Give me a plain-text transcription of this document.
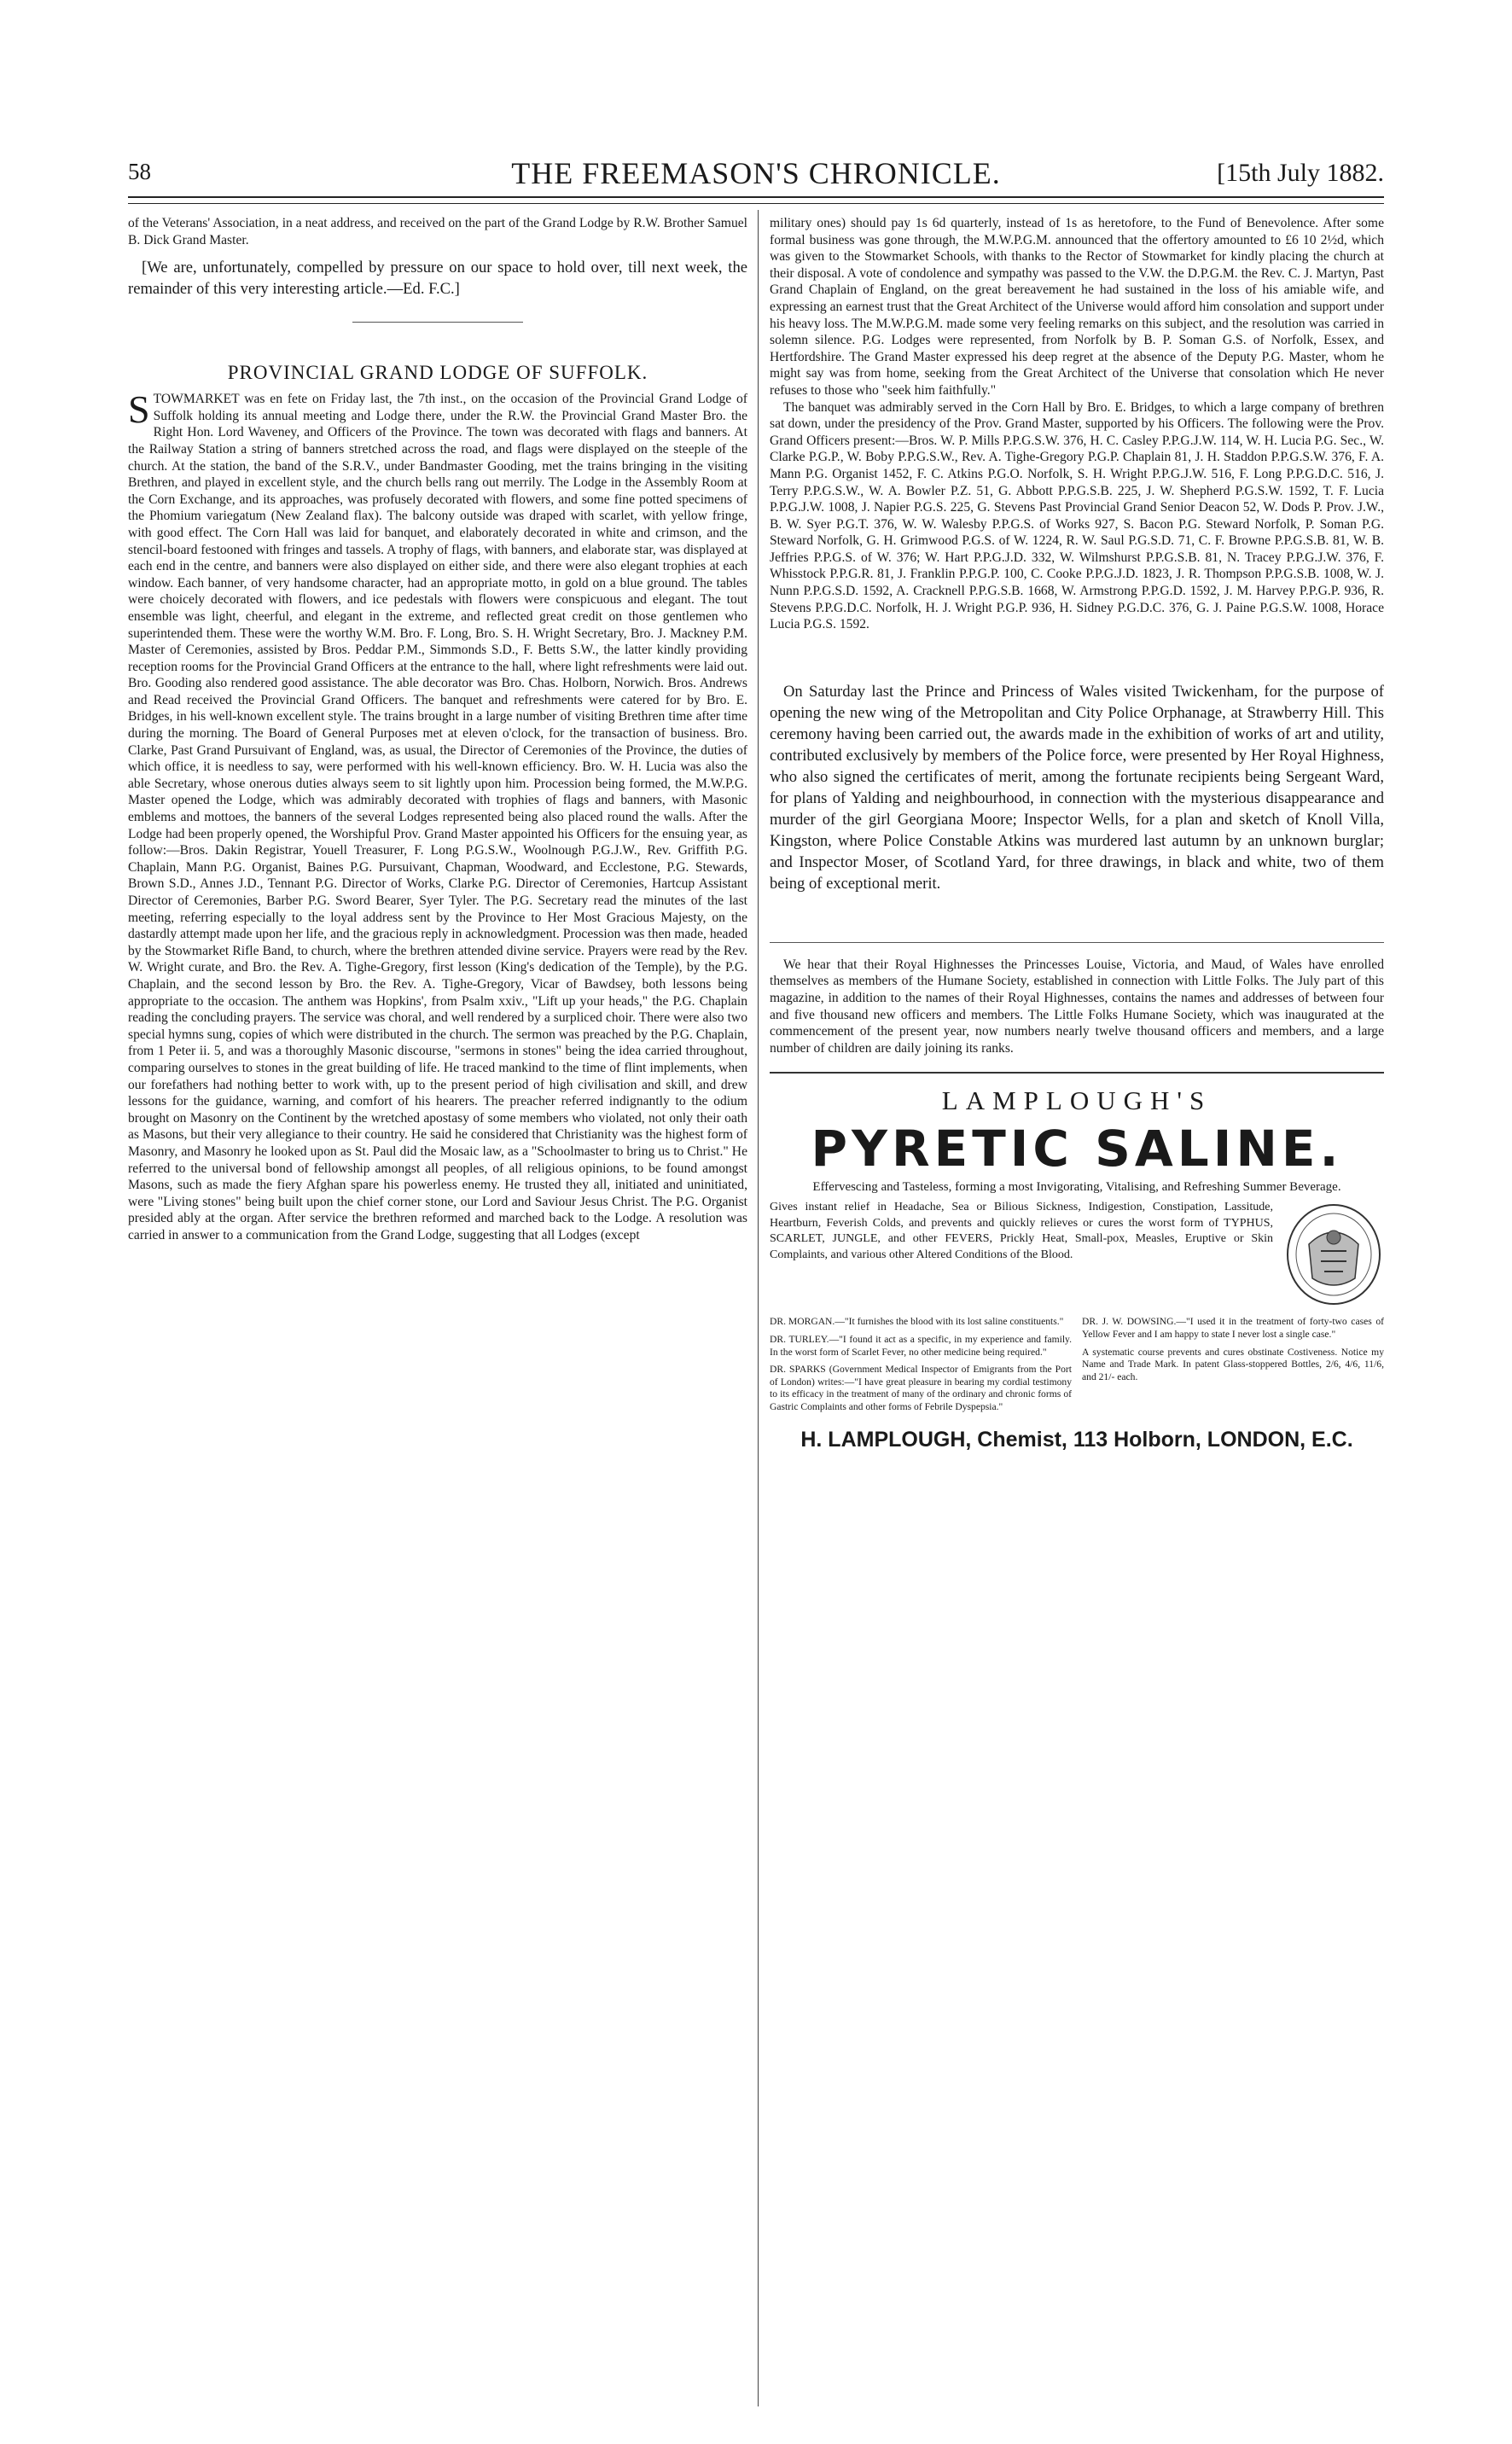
58	THE FREEMASON'S CHRONICLE.	[15th July 1882.

of the Veterans' Association, in a neat address, and received on the part of the Grand Lodge by R.W. Brother Samuel B. Dick Grand Master.

[We are, unfortunately, compelled by pressure on our space to hold over, till next week, the remainder of this very interesting article.—Ed. F.C.]

PROVINCIAL GRAND LODGE OF SUFFOLK.

STOWMARKET was en fete on Friday last, the 7th inst., on the occasion of the Provincial Grand Lodge of Suffolk holding its annual meeting and Lodge there, under the R.W. the Provincial Grand Master Bro. the Right Hon. Lord Waveney, and Officers of the Province. The town was decorated with flags and banners. At the Railway Station a string of banners stretched across the road, and flags were displayed on the steeple of the church. At the station, the band of the S.R.V., under Bandmaster Gooding, met the trains bringing in the visiting Brethren, and played in excellent style, and the church bells rang out merrily. The Lodge in the Assembly Room at the Corn Exchange, and its approaches, was profusely decorated with flowers, and some fine potted specimens of the Phomium variegatum (New Zealand flax). The balcony outside was draped with scarlet, with yellow fringe, with good effect. The Corn Hall was laid for banquet, and elaborately decorated in white and crimson, and the stencil-board festooned with fringes and tassels. A trophy of flags, with banners, and elaborate star, was displayed at each end in the centre, and banners were also displayed on either side, and there were also elegant trophies at each window. Each banner, of very handsome character, had an appropriate motto, in gold on a blue ground. The tables were choicely decorated with flowers, and ice pedestals with flowers were conspicuous and elegant. The tout ensemble was light, cheerful, and elegant in the extreme, and reflected great credit on those gentlemen who superintended them. These were the worthy W.M. Bro. F. Long, Bro. S. H. Wright Secretary, Bro. J. Mackney P.M. Master of Ceremonies, assisted by Bros. Peddar P.M., Simmonds S.D., F. Betts S.W., the latter kindly providing reception rooms for the Provincial Grand Officers at the entrance to the hall, where light refreshments were laid out. Bro. Gooding also rendered good assistance. The able decorator was Bro. Chas. Holborn, Norwich. Bros. Andrews and Read received the Provincial Grand Officers. The banquet and refreshments were catered for by Bro. E. Bridges, in his well-known excellent style. The trains brought in a large number of visiting Brethren time after time during the morning. The Board of General Purposes met at eleven o'clock, for the transaction of business. Bro. Clarke, Past Grand Pursuivant of England, was, as usual, the Director of Ceremonies of the Province, the duties of which office, it is needless to say, were performed with his well-known efficiency. Bro. W. H. Lucia was also the able Secretary, whose onerous duties always seem to sit lightly upon him. Procession being formed, the M.W.P.G. Master opened the Lodge, which was admirably decorated with trophies of flags and banners, with Masonic emblems and mottoes, the banners of the several Lodges represented being also placed round the walls. After the Lodge had been properly opened, the Worshipful Prov. Grand Master appointed his Officers for the ensuing year, as follow:—Bros. Dakin Registrar, Youell Treasurer, F. Long P.G.S.W., Woolnough P.G.J.W., Rev. Griffith P.G. Chaplain, Mann P.G. Organist, Baines P.G. Pursuivant, Chapman, Woodward, and Ecclestone, P.G. Stewards, Brown S.D., Annes J.D., Tennant P.G. Director of Works, Clarke P.G. Director of Ceremonies, Hartcup Assistant Director of Ceremonies, Barber P.G. Sword Bearer, Syer Tyler. The P.G. Secretary read the minutes of the last meeting, referring especially to the loyal address sent by the Province to Her Most Gracious Majesty, on the dastardly attempt made upon her life, and the gracious reply in acknowledgment. Procession was then made, headed by the Stowmarket Rifle Band, to church, where the brethren attended divine service. Prayers were read by the Rev. W. Wright curate, and Bro. the Rev. A. Tighe-Gregory, first lesson (King's dedication of the Temple), by the P.G. Chaplain, and the second lesson by Bro. the Rev. A. Tighe-Gregory, Vicar of Bawdsey, both lessons being appropriate to the occasion. The anthem was Hopkins', from Psalm xxiv., "Lift up your heads," the P.G. Chaplain reading the concluding prayers. The service was choral, and well rendered by a surpliced choir. There were also two special hymns sung, copies of which were distributed in the church. The sermon was preached by the P.G. Chaplain, from 1 Peter ii. 5, and was a thoroughly Masonic discourse, "sermons in stones" being the idea carried throughout, comparing ourselves to stones in the great building of life. He traced mankind to the time of flint implements, when our forefathers had nothing better to work with, up to the present period of high civilisation and skill, and drew lessons for the guidance, warning, and comfort of his hearers. The preacher referred indignantly to the odium brought on Masonry on the Continent by the wretched apostasy of some members who violated, not only their oath as Masons, but their very allegiance to their country. He said he considered that Christianity was the highest form of Masonry, and Masonry he looked upon as St. Paul did the Mosaic law, as a "Schoolmaster to bring us to Christ." He referred to the universal bond of fellowship amongst all peoples, of all religious opinions, to be found amongst Masons, such as made the fiery Afghan spare his powerless enemy. He trusted they all, initiated and uninitiated, were "Living stones" being built upon the chief corner stone, our Lord and Saviour Jesus Christ. The P.G. Organist presided ably at the organ. After service the brethren reformed and marched back to the Lodge. A resolution was carried in answer to a communication from the Grand Lodge, suggesting that all Lodges (except

military ones) should pay 1s 6d quarterly, instead of 1s as heretofore, to the Fund of Benevolence. After some formal business was gone through, the M.W.P.G.M. announced that the offertory amounted to £6 10 2½d, which was given to the Stowmarket Schools, with thanks to the Rector of Stowmarket for kindly placing the church at their disposal. A vote of condolence and sympathy was passed to the V.W. the D.P.G.M. the Rev. C. J. Martyn, Past Grand Chaplain of England, on the great bereavement he had sustained in the loss of his amiable wife, and expressing an earnest trust that the Great Architect of the Universe would afford him consolation and support under his heavy loss. The M.W.P.G.M. made some very feeling remarks on this subject, and the resolution was carried in solemn silence. P.G. Lodges were represented, from Norfolk by B. P. Soman G.S. of Norfolk, Essex, and Hertfordshire. The Grand Master expressed his deep regret at the absence of the Deputy P.G. Master, whom he might say was from home, seeking from the Great Architect of the Universe that consolation which He never refuses to those who "seek him faithfully."

The banquet was admirably served in the Corn Hall by Bro. E. Bridges, to which a large company of brethren sat down, under the presidency of the Prov. Grand Master, supported by his Officers. The following were the Prov. Grand Officers present:—Bros. W. P. Mills P.P.G.S.W. 376, H. C. Casley P.P.G.J.W. 114, W. H. Lucia P.G. Sec., W. Clarke P.G.P., W. Boby P.P.G.S.W., Rev. A. Tighe-Gregory P.G.P. Chaplain 81, J. H. Staddon P.P.G.S.W. 376, F. A. Mann P.G. Organist 1452, F. C. Atkins P.G.O. Norfolk, S. H. Wright P.P.G.J.W. 516, F. Long P.P.G.D.C. 516, J. Terry P.P.G.S.W., W. A. Bowler P.Z. 51, G. Abbott P.P.G.S.B. 225, J. W. Shepherd P.G.S.W. 1592, T. F. Lucia P.P.G.J.W. 1008, J. Napier P.G.S. 225, G. Stevens Past Provincial Grand Senior Deacon 52, W. Dods P. Prov. J.W., B. W. Syer P.G.T. 376, W. W. Walesby P.P.G.S. of Works 927, S. Bacon P.G. Steward Norfolk, P. Soman P.G. Steward Norfolk, G. H. Grimwood P.G.S. of W. 1224, R. W. Saul P.G.S.D. 71, C. F. Browne P.P.G.S.B. 81, W. B. Jeffries P.P.G.S. of W. 376; W. Hart P.P.G.J.D. 332, W. Wilmshurst P.P.G.S.B. 81, N. Tracey P.P.G.J.W. 376, F. Whisstock P.P.G.R. 81, J. Franklin P.P.G.P. 100, C. Cooke P.P.G.J.D. 1823, J. R. Thompson P.P.G.S.B. 1008, W. J. Nunn P.P.G.S.D. 1592, A. Cracknell P.P.G.S.B. 1668, W. Armstrong P.P.G.D. 1592, J. M. Harvey P.P.G.P. 936, R. Stevens P.P.G.D.C. Norfolk, H. J. Wright P.G.P. 936, H. Sidney P.G.D.C. 376, G. J. Paine P.G.S.W. 1008, Horace Lucia P.G.S. 1592.

On Saturday last the Prince and Princess of Wales visited Twickenham, for the purpose of opening the new wing of the Metropolitan and City Police Orphanage, at Strawberry Hill. This ceremony having been carried out, the awards made in the exhibition of works of art and utility, contributed exclusively by members of the Police force, were presented by Her Royal Highness, who also signed the certificates of merit, among the fortunate recipients being Sergeant Ward, for plans of Yalding and neighbourhood, in connection with the mysterious disappearance and murder of the girl Georgiana Moore; Inspector Wells, for a plan and sketch of Knoll Villa, Kingston, where Police Constable Atkins was murdered last autumn by an unknown burglar; and Inspector Moser, of Scotland Yard, for three drawings, in black and white, two of them being of exceptional merit.

We hear that their Royal Highnesses the Princesses Louise, Victoria, and Maud, of Wales have enrolled themselves as members of the Humane Society, established in connection with Little Folks. The July part of this magazine, in addition to the names of their Royal Highnesses, contains the names and addresses of between four and five thousand new officers and members. The Little Folks Humane Society, which was inaugurated at the commencement of the present year, now numbers nearly twelve thousand officers and members, and a large number of children are daily joining its ranks.

LAMPLOUGH'S
PYRETIC SALINE.
Effervescing and Tasteless, forming a most Invigorating, Vitalising, and Refreshing Summer Beverage.
Gives instant relief in Headache, Sea or Bilious Sickness, Indigestion, Constipation, Lassitude, Heartburn, Feverish Colds, and prevents and quickly relieves or cures the worst form of TYPHUS, SCARLET, JUNGLE, and other FEVERS, Prickly Heat, Small-pox, Measles, Eruptive or Skin Complaints, and various other Altered Conditions of the Blood.

DR. MORGAN.—"It furnishes the blood with its lost saline constituents."

DR. TURLEY.—"I found it act as a specific, in my experience and family. In the worst form of Scarlet Fever, no other medicine being required."

DR. SPARKS (Government Medical Inspector of Emigrants from the Port of London) writes:—"I have great pleasure in bearing my cordial testimony to its efficacy in the treatment of many of the ordinary and chronic forms of Gastric Complaints and other forms of Febrile Dyspepsia."

DR. J. W. DOWSING.—"I used it in the treatment of forty-two cases of Yellow Fever and I am happy to state I never lost a single case."

A systematic course prevents and cures obstinate Costiveness. Notice my Name and Trade Mark. In patent Glass-stoppered Bottles, 2/6, 4/6, 11/6, and 21/- each.

H. LAMPLOUGH, Chemist, 113 Holborn, LONDON, E.C.
